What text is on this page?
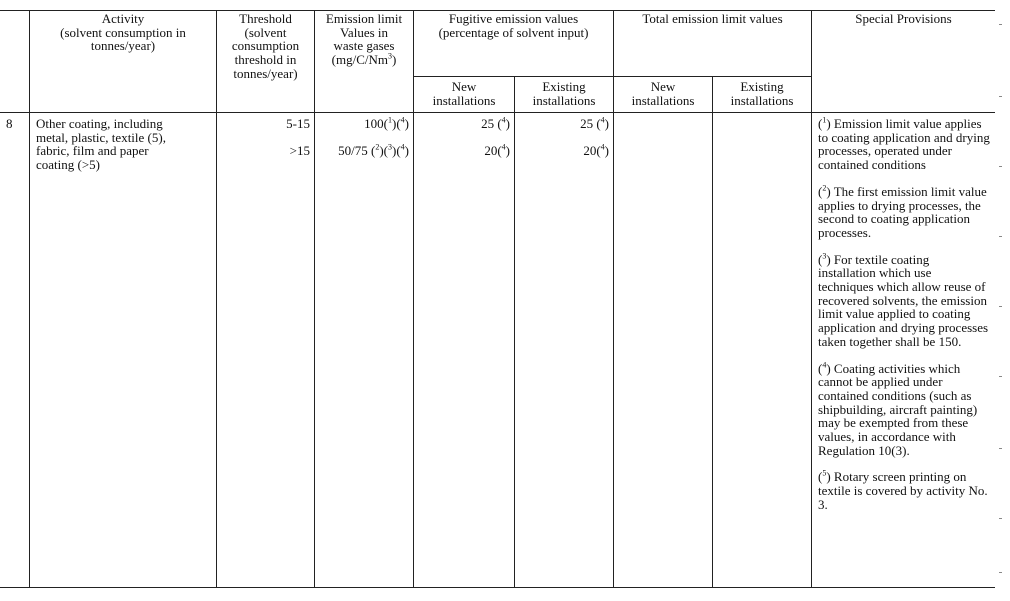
Activity
(solvent consumption in
tonnes/year)
Threshold
(solvent
consumption
threshold in
tonnes/year)
Emission limit
Values in
waste gases
(mg/C/Nm$^3$)
Fugitive emission values
(percentage of solvent input)
Total emission limit values	Special Provisions
New
installations
Existing
installations
New
installations
Existing
installations
8	Other coating, including
metal, plastic, textile (5),
fabric, film and paper
coating (>5)
5-15
>15
100($^1$)($^4$)
50/75 ($^2$)($^3$)($^4$)
25 ($^4$)
20($^4$)
25 ($^4$)
20($^4$)

($^1$) Emission limit value applies to coating application and drying processes, operated under contained conditions

($^2$) The first emission limit value applies to drying processes, the second to coating application processes.

($^3$) For textile coating installation which use techniques which allow reuse of recovered solvents, the emission limit value applied to coating application and drying processes taken together shall be 150.

($^4$) Coating activities which cannot be applied under contained conditions (such as shipbuilding, aircraft painting) may be exempted from these values, in accordance with Regulation 10(3).

($^5$) Rotary screen printing on textile is covered by activity No. 3.
